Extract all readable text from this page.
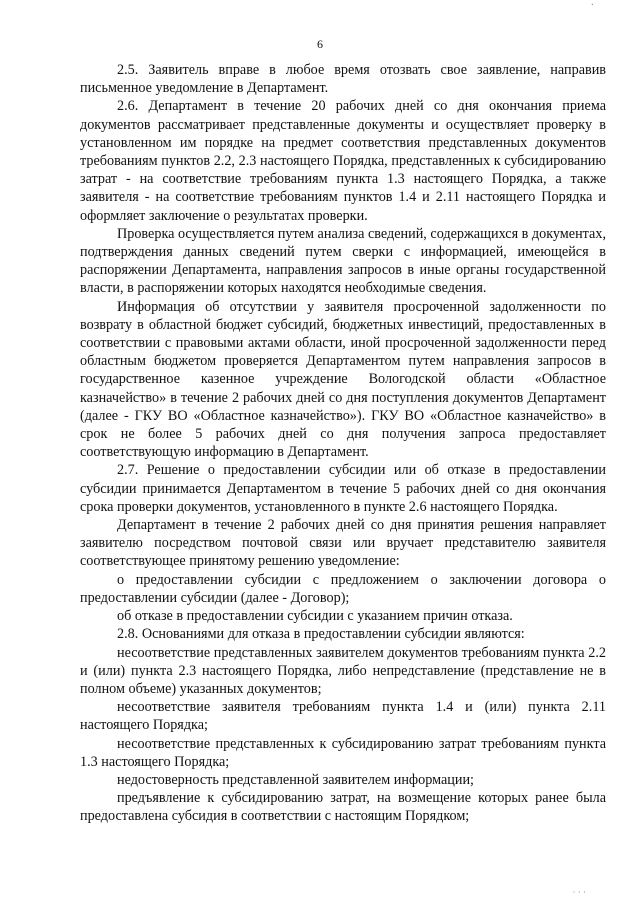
·
6

2.5. Заявитель вправе в любое время отозвать свое заявление, направив письменное уведомление в Департамент.

2.6. Департамент в течение 20 рабочих дней со дня окончания приема документов рассматривает представленные документы и осуществляет проверку в установленном им порядке на предмет соответствия представленных документов требованиям пунктов 2.2, 2.3 настоящего Порядка, представленных к субсидированию затрат - на соответствие требованиям пункта 1.3 настоящего Порядка, а также заявителя - на соответствие требованиям пунктов 1.4 и 2.11 настоящего Порядка и оформляет заключение о результатах проверки.

Проверка осуществляется путем анализа сведений, содержащихся в документах, подтверждения данных сведений путем сверки с информацией, имеющейся в распоряжении Департамента, направления запросов в иные органы государственной власти, в распоряжении которых находятся необходимые сведения.

Информация об отсутствии у заявителя просроченной задолженности по возврату в областной бюджет субсидий, бюджетных инвестиций, предоставленных в соответствии с правовыми актами области, иной просроченной задолженности перед областным бюджетом проверяется Департаментом путем направления запросов в государственное казенное учреждение Вологодской области «Областное казначейство» в течение 2 рабочих дней со дня поступления документов Департамент (далее - ГКУ ВО «Областное казначейство»). ГКУ ВО «Областное казначейство» в срок не более 5 рабочих дней со дня получения запроса предоставляет соответствующую информацию в Департамент.

2.7. Решение о предоставлении субсидии или об отказе в предоставлении субсидии принимается Департаментом в течение 5 рабочих дней со дня окончания срока проверки документов, установленного в пункте 2.6 настоящего Порядка.

Департамент в течение 2 рабочих дней со дня принятия решения направляет заявителю посредством почтовой связи или вручает представителю заявителя соответствующее принятому решению уведомление:

о предоставлении субсидии с предложением о заключении договора о предоставлении субсидии (далее - Договор);

об отказе в предоставлении субсидии с указанием причин отказа.

2.8. Основаниями для отказа в предоставлении субсидии являются:

несоответствие представленных заявителем документов требованиям пункта 2.2 и (или) пункта 2.3 настоящего Порядка, либо непредставление (представление не в полном объеме) указанных документов;

несоответствие заявителя требованиям пункта 1.4 и (или) пункта 2.11 настоящего Порядка;

несоответствие представленных к субсидированию затрат требованиям пункта 1.3 настоящего Порядка;

недостоверность представленной заявителем информации;

предъявление к субсидированию затрат, на возмещение которых ранее была предоставлена субсидия в соответствии с настоящим Порядком;

· · ·
